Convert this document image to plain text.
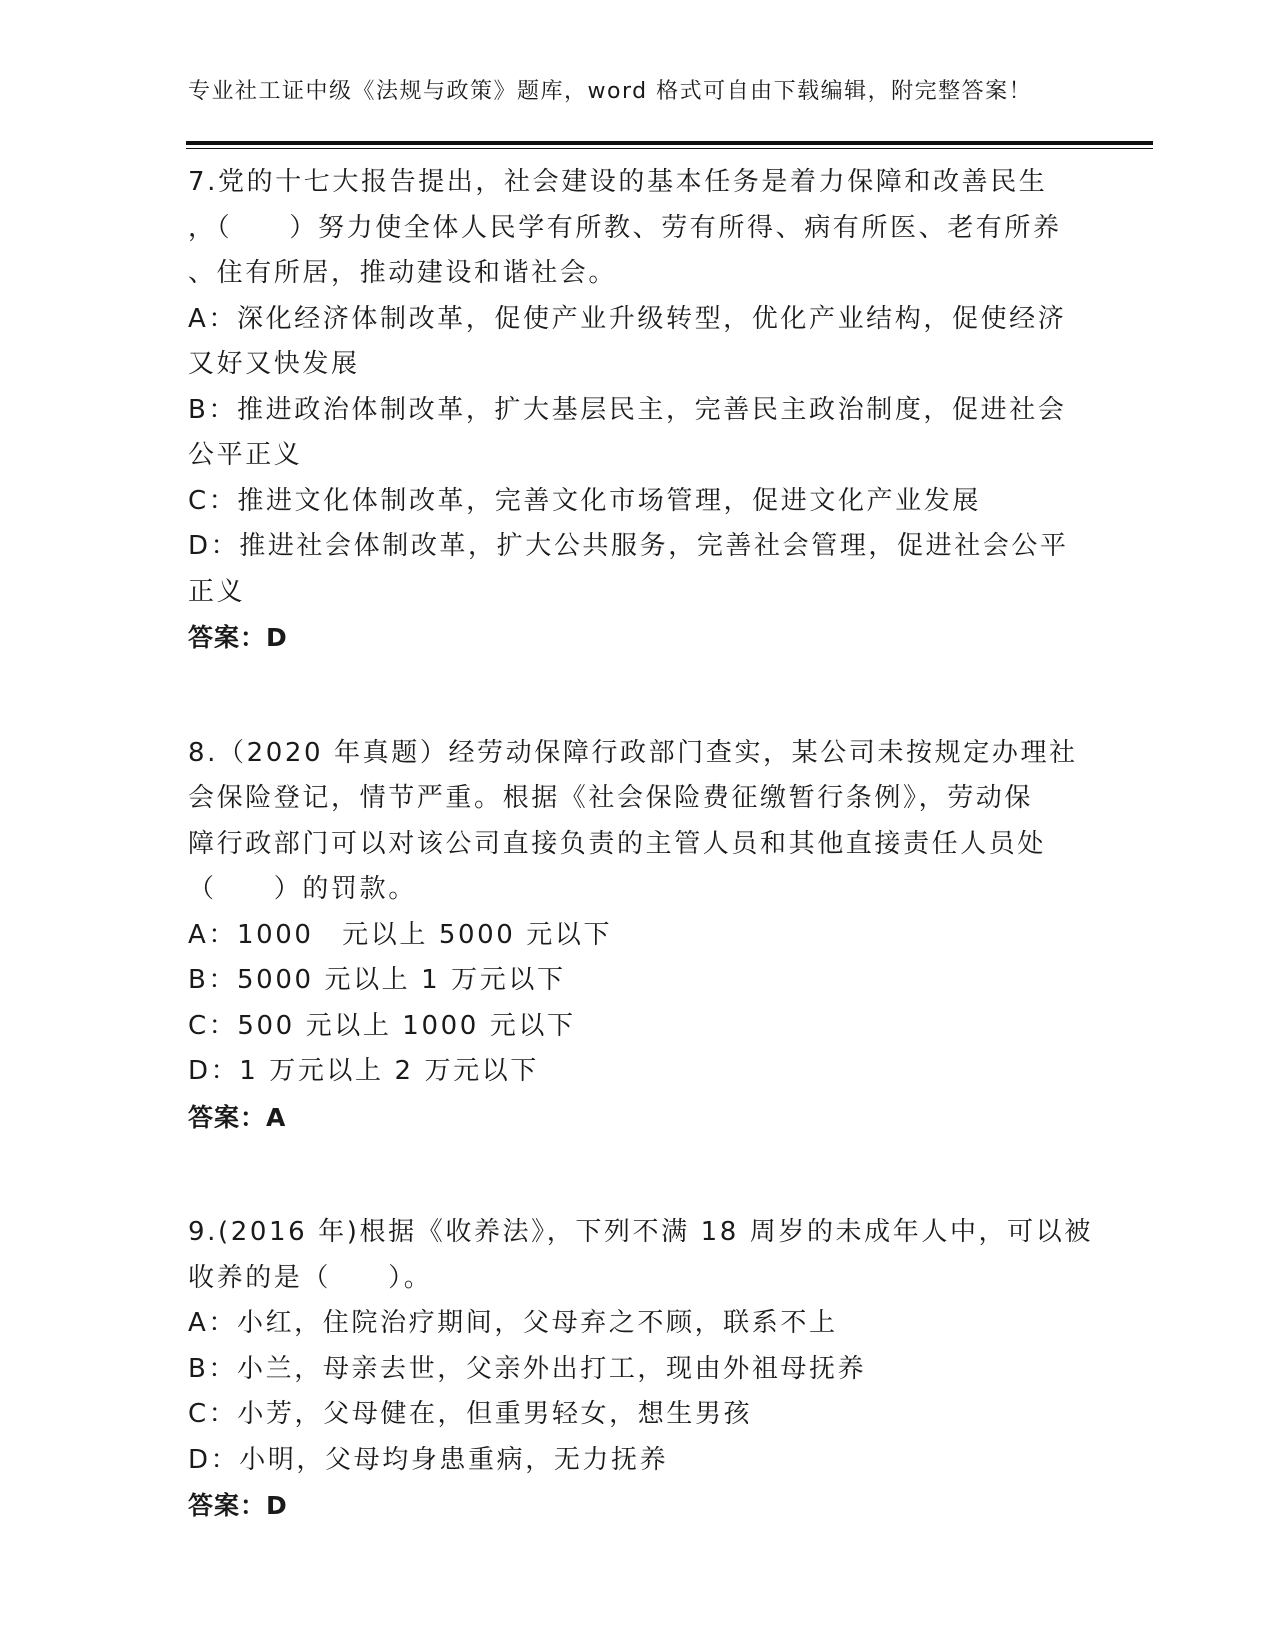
专业社工证中级《法规与政策》题库，word 格式可自由下载编辑，附完整答案！
7.党的十七大报告提出，社会建设的基本任务是着力保障和改善民生
，（　　）努力使全体人民学有所教、劳有所得、病有所医、老有所养
、住有所居，推动建设和谐社会。
A：深化经济体制改革，促使产业升级转型，优化产业结构，促使经济
又好又快发展
B：推进政治体制改革，扩大基层民主，完善民主政治制度，促进社会
公平正义
C：推进文化体制改革，完善文化市场管理，促进文化产业发展
D：推进社会体制改革，扩大公共服务，完善社会管理，促进社会公平
正义
答案：D
8.（2020 年真题）经劳动保障行政部门查实，某公司未按规定办理社
会保险登记，情节严重。根据《社会保险费征缴暂行条例》，劳动保
障行政部门可以对该公司直接负责的主管人员和其他直接责任人员处
（　　）的罚款。
A：1000　元以上 5000 元以下
B：5000 元以上 1 万元以下
C：500 元以上 1000 元以下
D：1 万元以上 2 万元以下
答案：A
9.(2016 年)根据《收养法》，下列不满 18 周岁的未成年人中，可以被
收养的是（　　）。
A：小红，住院治疗期间，父母弃之不顾，联系不上
B：小兰，母亲去世，父亲外出打工，现由外祖母抚养
C：小芳，父母健在，但重男轻女，想生男孩
D：小明，父母均身患重病，无力抚养
答案：D
